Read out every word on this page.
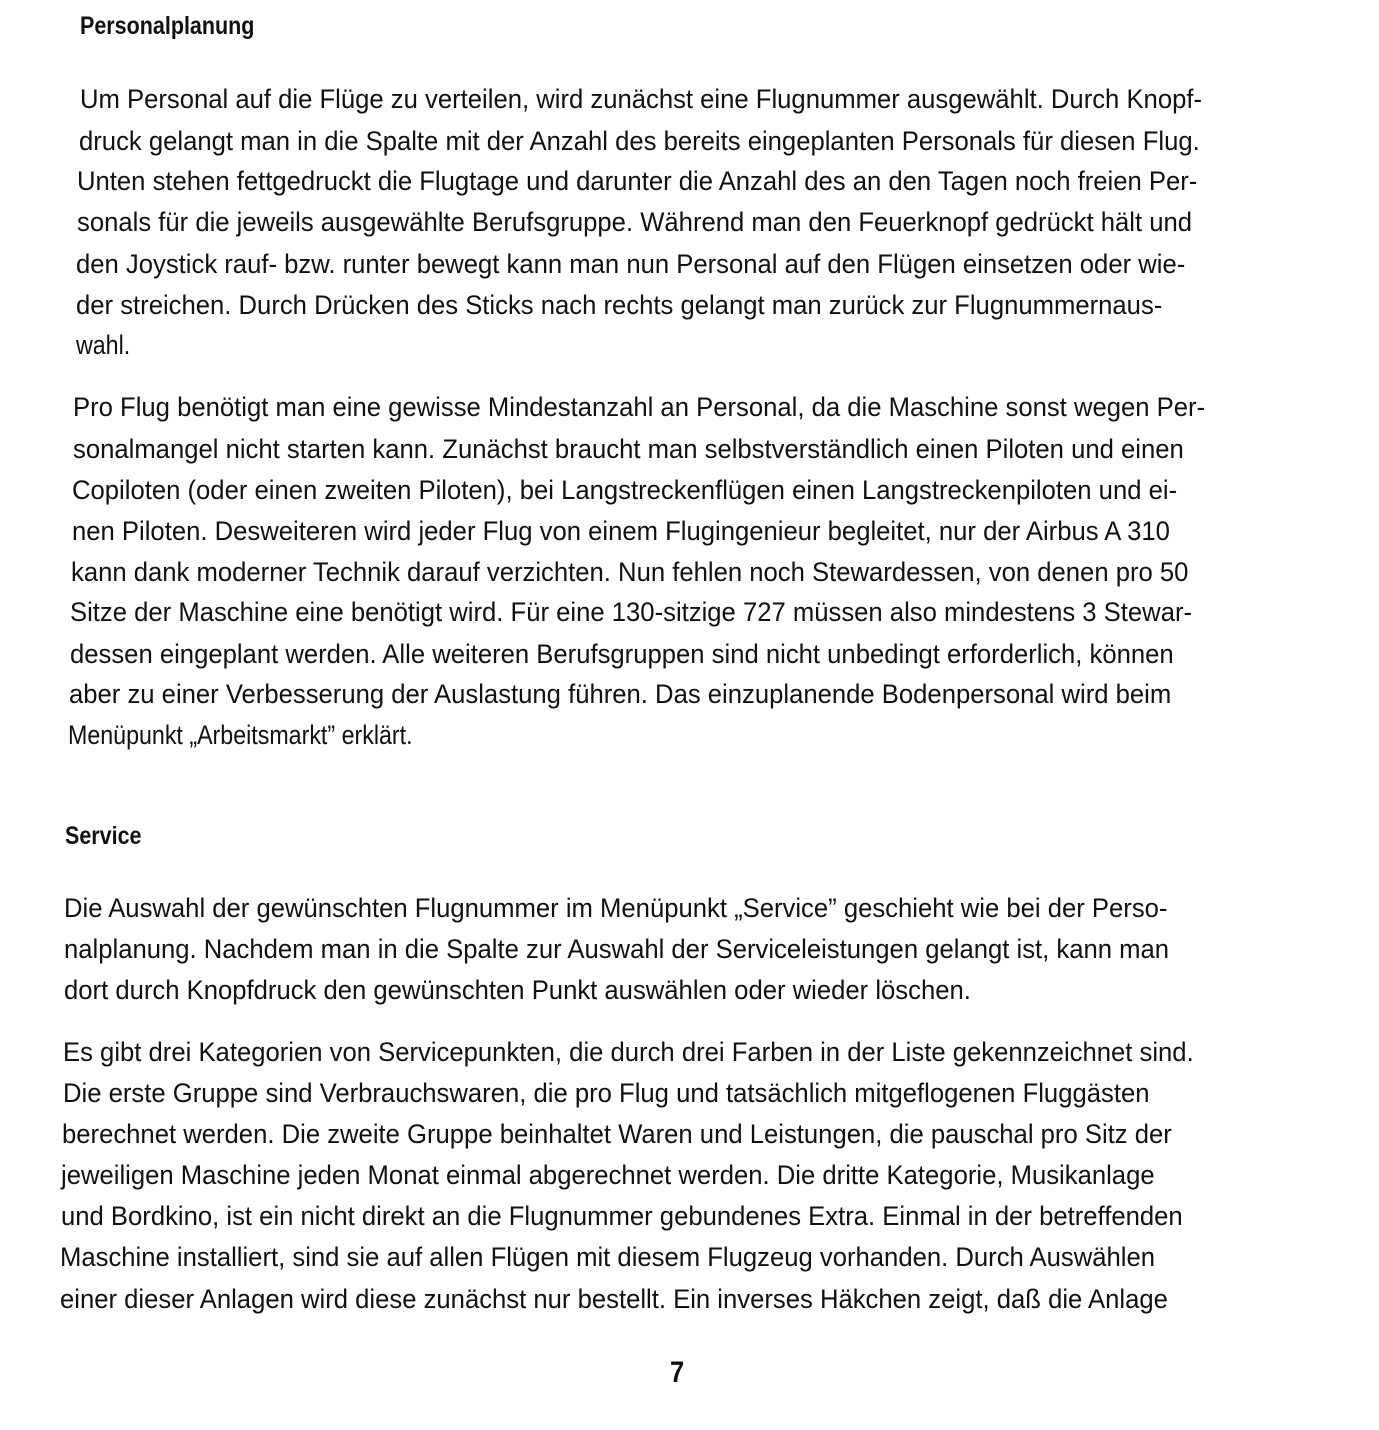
Personalplanung

Um Personal auf die Flüge zu verteilen, wird zunächst eine Flugnummer ausgewählt. Durch Knopf-

druck gelangt man in die Spalte mit der Anzahl des bereits eingeplanten Personals für diesen Flug.

Unten stehen fettgedruckt die Flugtage und darunter die Anzahl des an den Tagen noch freien Per-

sonals für die jeweils ausgewählte Berufsgruppe. Während man den Feuerknopf gedrückt hält und

den Joystick rauf- bzw. runter bewegt kann man nun Personal auf den Flügen einsetzen oder wie-

der streichen. Durch Drücken des Sticks nach rechts gelangt man zurück zur Flugnummernaus-

wahl.

Pro Flug benötigt man eine gewisse Mindestanzahl an Personal, da die Maschine sonst wegen Per-

sonalmangel nicht starten kann. Zunächst braucht man selbstverständlich einen Piloten und einen

Copiloten (oder einen zweiten Piloten), bei Langstreckenflügen einen Langstreckenpiloten und ei-

nen Piloten. Desweiteren wird jeder Flug von einem Flugingenieur begleitet, nur der Airbus A 310

kann dank moderner Technik darauf verzichten. Nun fehlen noch Stewardessen, von denen pro 50

Sitze der Maschine eine benötigt wird. Für eine 130-sitzige 727 müssen also mindestens 3 Stewar-

dessen eingeplant werden. Alle weiteren Berufsgruppen sind nicht unbedingt erforderlich, können

aber zu einer Verbesserung der Auslastung führen. Das einzuplanende Bodenpersonal wird beim

Menüpunkt „Arbeitsmarkt” erklärt.

Service

Die Auswahl der gewünschten Flugnummer im Menüpunkt „Service” geschieht wie bei der Perso-

nalplanung. Nachdem man in die Spalte zur Auswahl der Serviceleistungen gelangt ist, kann man

dort durch Knopfdruck den gewünschten Punkt auswählen oder wieder löschen.

Es gibt drei Kategorien von Servicepunkten, die durch drei Farben in der Liste gekennzeichnet sind.

Die erste Gruppe sind Verbrauchswaren, die pro Flug und tatsächlich mitgeflogenen Fluggästen

berechnet werden. Die zweite Gruppe beinhaltet Waren und Leistungen, die pauschal pro Sitz der

jeweiligen Maschine jeden Monat einmal abgerechnet werden. Die dritte Kategorie, Musikanlage

und Bordkino, ist ein nicht direkt an die Flugnummer gebundenes Extra. Einmal in der betreffenden

Maschine installiert, sind sie auf allen Flügen mit diesem Flugzeug vorhanden. Durch Auswählen

einer dieser Anlagen wird diese zunächst nur bestellt. Ein inverses Häkchen zeigt, daß die Anlage

7
